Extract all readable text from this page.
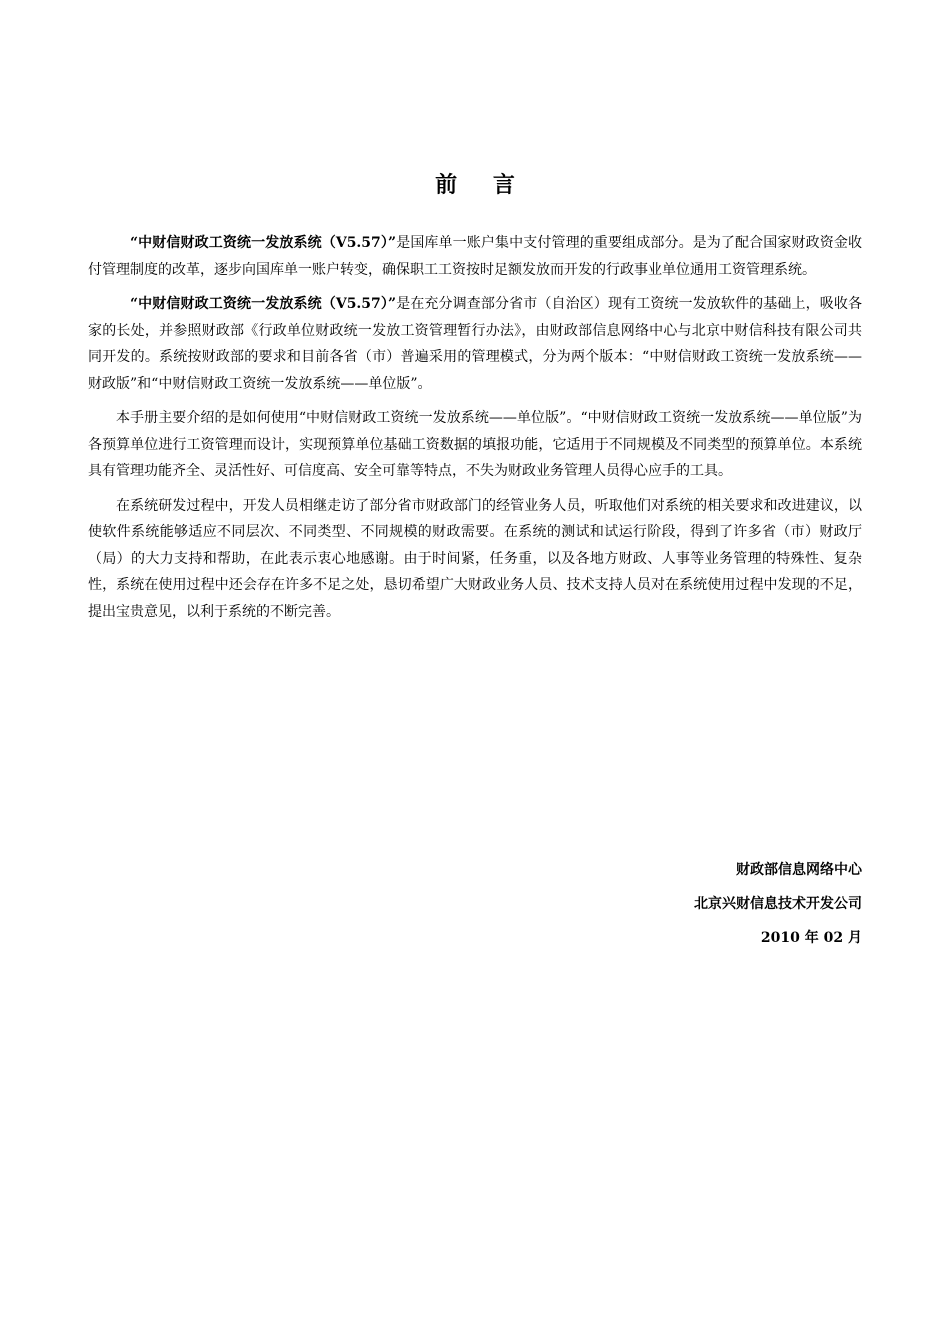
前 言

“中财信财政工资统一发放系统（V5.57）”是国库单一账户集中支付管理的重要组成部分。是为了配合国家财政资金收付管理制度的改革，逐步向国库单一账户转变，确保职工工资按时足额发放而开发的行政事业单位通用工资管理系统。

“中财信财政工资统一发放系统（V5.57）”是在充分调查部分省市（自治区）现有工资统一发放软件的基础上，吸收各家的长处，并参照财政部《行政单位财政统一发放工资管理暂行办法》，由财政部信息网络中心与北京中财信科技有限公司共同开发的。系统按财政部的要求和目前各省（市）普遍采用的管理模式，分为两个版本：“中财信财政工资统一发放系统——财政版”和“中财信财政工资统一发放系统——单位版”。

本手册主要介绍的是如何使用“中财信财政工资统一发放系统——单位版”。“中财信财政工资统一发放系统——单位版”为各预算单位进行工资管理而设计，实现预算单位基础工资数据的填报功能，它适用于不同规模及不同类型的预算单位。本系统具有管理功能齐全、灵活性好、可信度高、安全可靠等特点，不失为财政业务管理人员得心应手的工具。

在系统研发过程中，开发人员相继走访了部分省市财政部门的经管业务人员，听取他们对系统的相关要求和改进建议，以使软件系统能够适应不同层次、不同类型、不同规模的财政需要。在系统的测试和试运行阶段，得到了许多省（市）财政厅（局）的大力支持和帮助，在此表示衷心地感谢。由于时间紧，任务重，以及各地方财政、人事等业务管理的特殊性、复杂性，系统在使用过程中还会存在许多不足之处，恳切希望广大财政业务人员、技术支持人员对在系统使用过程中发现的不足，提出宝贵意见，以利于系统的不断完善。

财政部信息网络中心
北京兴财信息技术开发公司
2010 年 02 月
